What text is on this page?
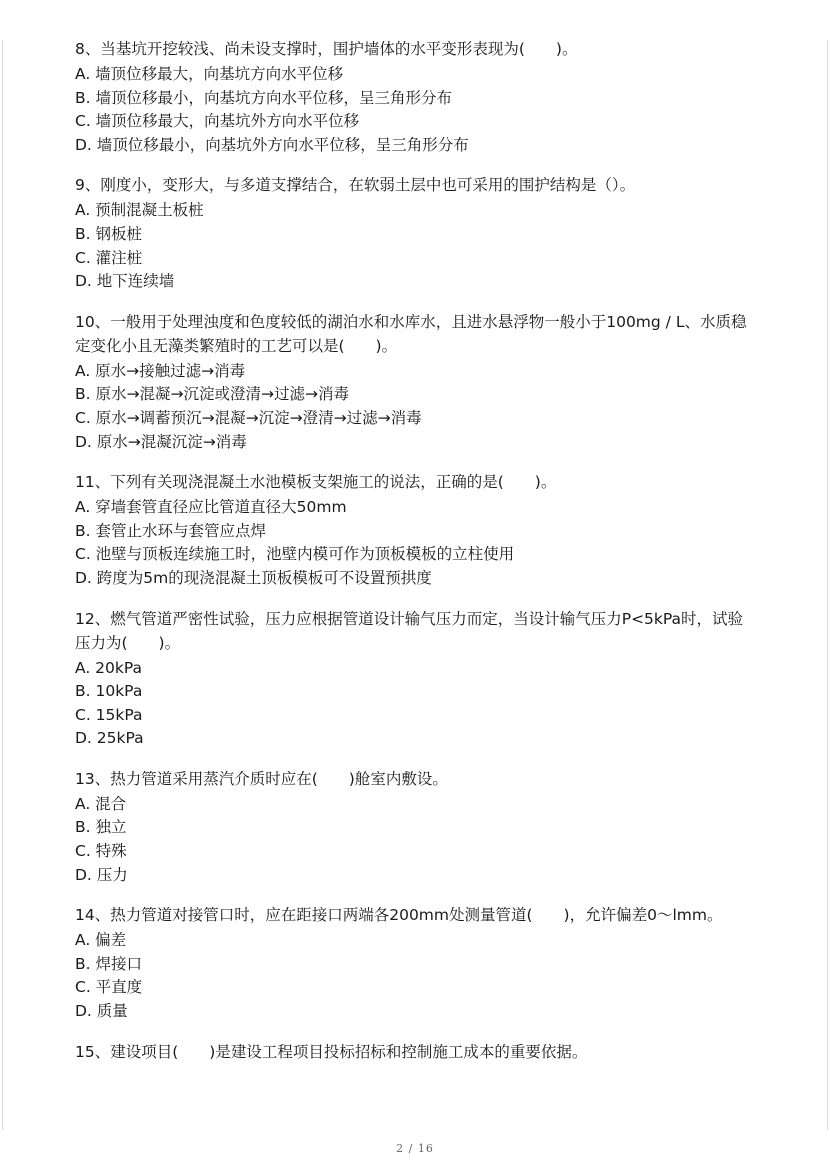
8、当基坑开挖较浅、尚未设支撑时，围护墙体的水平变形表现为(　　)。

A. 墙顶位移最大，向基坑方向水平位移

B. 墙顶位移最小，向基坑方向水平位移，呈三角形分布

C. 墙顶位移最大，向基坑外方向水平位移

D. 墙顶位移最小，向基坑外方向水平位移，呈三角形分布

9、刚度小，变形大，与多道支撑结合，在软弱土层中也可采用的围护结构是（）。

A. 预制混凝土板桩

B. 钢板桩

C. 灌注桩

D. 地下连续墙

10、一般用于处理浊度和色度较低的湖泊水和水库水，且进水悬浮物一般小于100mg / L、水质稳定变化小且无藻类繁殖时的工艺可以是(　　)。

A. 原水→接触过滤→消毒

B. 原水→混凝→沉淀或澄清→过滤→消毒

C. 原水→调蓄预沉→混凝→沉淀→澄清→过滤→消毒

D. 原水→混凝沉淀→消毒

11、下列有关现浇混凝土水池模板支架施工的说法，正确的是(　　)。

A. 穿墙套管直径应比管道直径大50mm

B. 套管止水环与套管应点焊

C. 池壁与顶板连续施工时，池壁内模可作为顶板模板的立柱使用

D. 跨度为5m的现浇混凝土顶板模板可不设置预拱度

12、燃气管道严密性试验，压力应根据管道设计输气压力而定，当设计输气压力P<5kPa时，试验压力为(　　)。

A. 20kPa

B. 10kPa

C. 15kPa

D. 25kPa

13、热力管道采用蒸汽介质时应在(　　)舱室内敷设。

A. 混合

B. 独立

C. 特殊

D. 压力

14、热力管道对接管口时，应在距接口两端各200mm处测量管道(　　)，允许偏差0～lmm。

A. 偏差

B. 焊接口

C. 平直度

D. 质量

15、建设项目(　　)是建设工程项目投标招标和控制施工成本的重要依据。

2 / 16
